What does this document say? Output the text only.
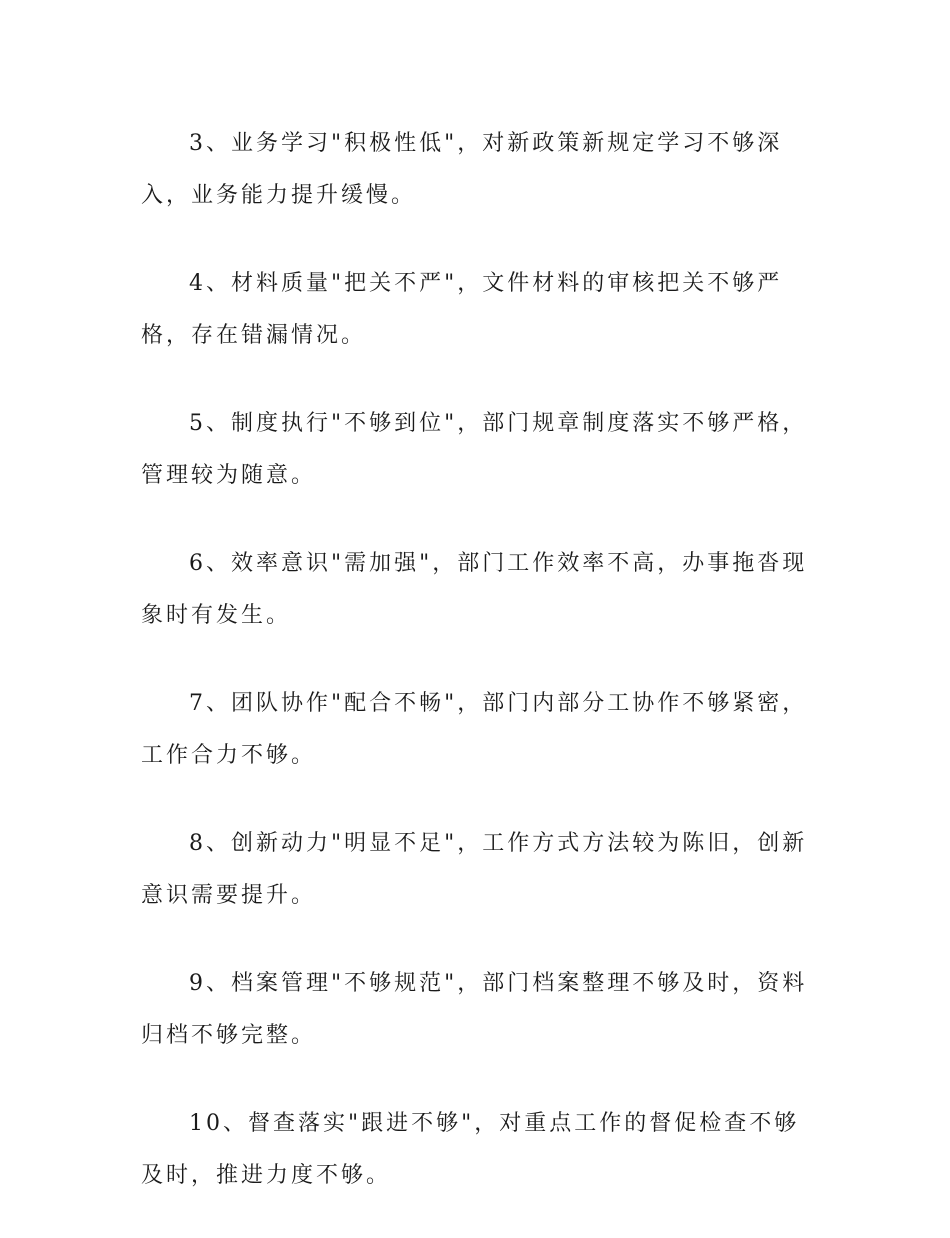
3、业务学习"积极性低"，对新政策新规定学习不够深入，业务能力提升缓慢。

4、材料质量"把关不严"，文件材料的审核把关不够严格，存在错漏情况。

5、制度执行"不够到位"，部门规章制度落实不够严格，管理较为随意。

6、效率意识"需加强"，部门工作效率不高，办事拖沓现象时有发生。

7、团队协作"配合不畅"，部门内部分工协作不够紧密，工作合力不够。

8、创新动力"明显不足"，工作方式方法较为陈旧，创新意识需要提升。

9、档案管理"不够规范"，部门档案整理不够及时，资料归档不够完整。

10、督查落实"跟进不够"，对重点工作的督促检查不够及时，推进力度不够。
